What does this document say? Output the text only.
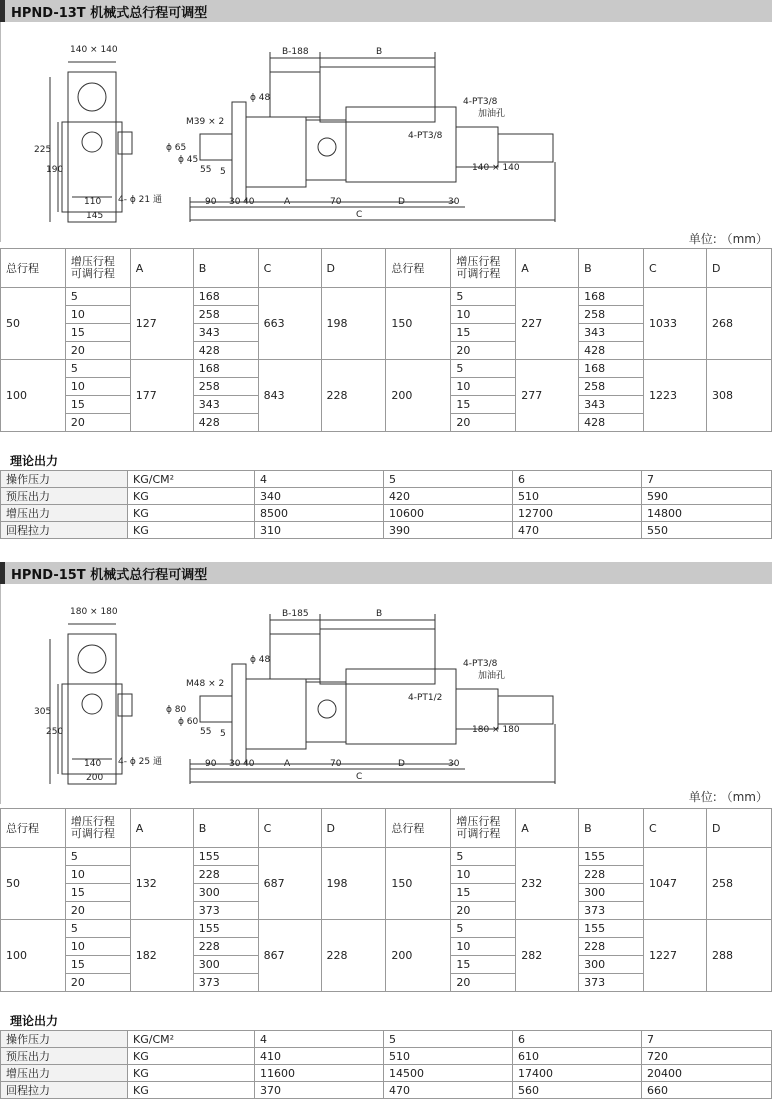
HPND-13T 机械式总行程可调型
140 × 140
225
190
110
145
4- ϕ 21 通
B-188	B
ϕ 48
M39 × 2
ϕ 65
ϕ 45
55 5
4-PT3/8
加油孔
4-PT3/8
140 × 140
90 30 40	A	70	D	30
C
单位: （mm）
总行程	增压行程
可调行程	A	B	C	D	总行程	增压行程
可调行程	A	B	C	D
50	5	127	168	663	198	150	5	227	168	1033	268
	10		258				10		258		
	15		343				15		343		
	20		428				20		428		
100	5	177	168	843	228	200	5	277	168	1223	308
	10		258				10		258		
	15		343				15		343		
	20		428				20		428		
理论出力
操作压力	KG/CM²	4	5	6	7
预压出力	KG	340	420	510	590
增压出力	KG	8500	10600	12700	14800
回程拉力	KG	310	390	470	550
HPND-15T 机械式总行程可调型
180 × 180
305
250
140
200
4- ϕ 25 通
B-185	B
ϕ 48
M48 × 2
ϕ 80
ϕ 60
55 5
4-PT3/8
加油孔
4-PT1/2
180 × 180
90 30 40	A	70	D	30
C
单位: （mm）
总行程	增压行程
可调行程	A	B	C	D	总行程	增压行程
可调行程	A	B	C	D
50	5	132	155	687	198	150	5	232	155	1047	258
	10		228				10		228		
	15		300				15		300		
	20		373				20		373		
100	5	182	155	867	228	200	5	282	155	1227	288
	10		228				10		228		
	15		300				15		300		
	20		373				20		373		
理论出力
操作压力	KG/CM²	4	5	6	7
预压出力	KG	410	510	610	720
增压出力	KG	11600	14500	17400	20400
回程拉力	KG	370	470	560	660
